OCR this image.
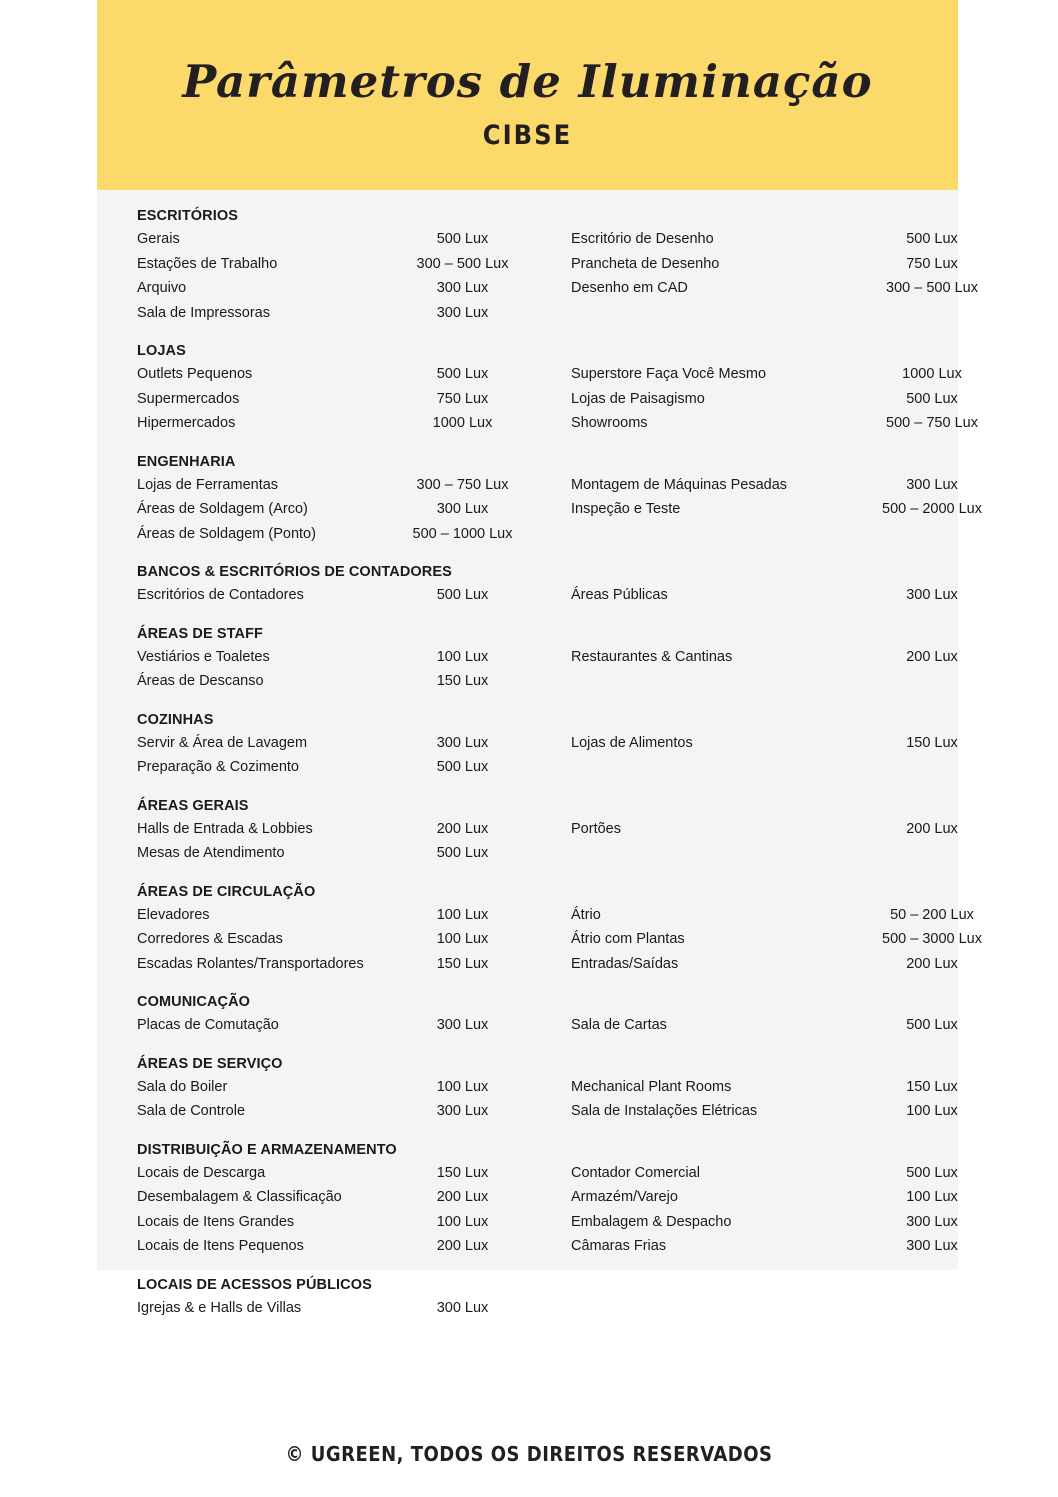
Parâmetros de Iluminação
CIBSE
ESCRITÓRIOS
Gerais	500 Lux	Escritório de Desenho	500 Lux
Estações de Trabalho	300 – 500 Lux	Prancheta de Desenho	750 Lux
Arquivo	300 Lux	Desenho em CAD	300 – 500 Lux
Sala de Impressoras	300 Lux
LOJAS
Outlets Pequenos	500 Lux	Superstore Faça Você Mesmo	1000 Lux
Supermercados	750 Lux	Lojas de Paisagismo	500 Lux
Hipermercados	1000 Lux	Showrooms	500 – 750 Lux
ENGENHARIA
Lojas de Ferramentas	300 – 750 Lux	Montagem de Máquinas Pesadas	300 Lux
Áreas de Soldagem (Arco)	300 Lux	Inspeção e Teste	500 – 2000 Lux
Áreas de Soldagem (Ponto)	500 – 1000 Lux
BANCOS & ESCRITÓRIOS DE CONTADORES
Escritórios de Contadores	500 Lux	Áreas Públicas	300 Lux
ÁREAS DE STAFF
Vestiários e Toaletes	100 Lux	Restaurantes & Cantinas	200 Lux
Áreas de Descanso	150 Lux
COZINHAS
Servir & Área de Lavagem	300 Lux	Lojas de Alimentos	150 Lux
Preparação & Cozimento	500 Lux
ÁREAS GERAIS
Halls de Entrada & Lobbies	200 Lux	Portões	200 Lux
Mesas de Atendimento	500 Lux
ÁREAS DE CIRCULAÇÃO
Elevadores	100 Lux	Átrio	50 – 200 Lux
Corredores & Escadas	100 Lux	Átrio com Plantas	500 – 3000 Lux
Escadas Rolantes/Transportadores	150 Lux	Entradas/Saídas	200 Lux
COMUNICAÇÃO
Placas de Comutação	300 Lux	Sala de Cartas	500 Lux
ÁREAS DE SERVIÇO
Sala do Boiler	100 Lux	Mechanical Plant Rooms	150 Lux
Sala de Controle	300 Lux	Sala de Instalações Elétricas	100 Lux
DISTRIBUIÇÃO E ARMAZENAMENTO
Locais de Descarga	150 Lux	Contador Comercial	500 Lux
Desembalagem & Classificação	200 Lux	Armazém/Varejo	100 Lux
Locais de Itens Grandes	100 Lux	Embalagem & Despacho	300 Lux
Locais de Itens Pequenos	200 Lux	Câmaras Frias	300 Lux
LOCAIS DE ACESSOS PÚBLICOS
Igrejas & e Halls de Villas	300 Lux
© UGREEN, TODOS OS DIREITOS RESERVADOS
